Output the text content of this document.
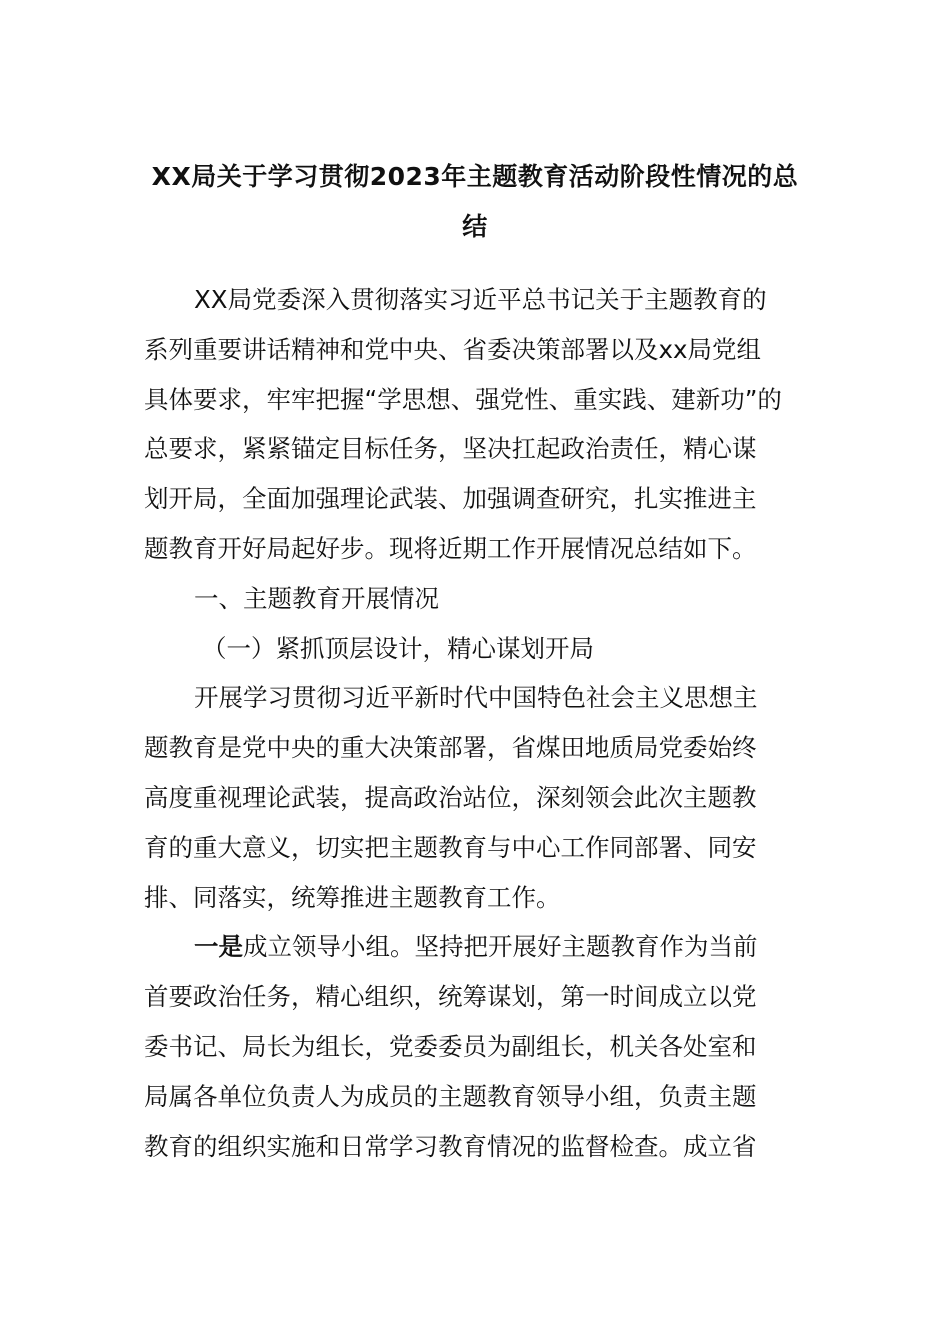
XX局关于学习贯彻2023年主题教育活动阶段性情况的总
结
XX局党委深入贯彻落实习近平总书记关于主题教育的
系列重要讲话精神和党中央、省委决策部署以及xx局党组
具体要求，牢牢把握“学思想、强党性、重实践、建新功”的
总要求，紧紧锚定目标任务，坚决扛起政治责任，精心谋
划开局，全面加强理论武装、加强调查研究，扎实推进主
题教育开好局起好步。现将近期工作开展情况总结如下。
一、主题教育开展情况
（一）紧抓顶层设计，精心谋划开局
开展学习贯彻习近平新时代中国特色社会主义思想主
题教育是党中央的重大决策部署，省煤田地质局党委始终
高度重视理论武装，提高政治站位，深刻领会此次主题教
育的重大意义，切实把主题教育与中心工作同部署、同安
排、同落实，统筹推进主题教育工作。
一是成立领导小组。坚持把开展好主题教育作为当前
首要政治任务，精心组织，统筹谋划，第一时间成立以党
委书记、局长为组长，党委委员为副组长，机关各处室和
局属各单位负责人为成员的主题教育领导小组，负责主题
教育的组织实施和日常学习教育情况的监督检查。成立省
